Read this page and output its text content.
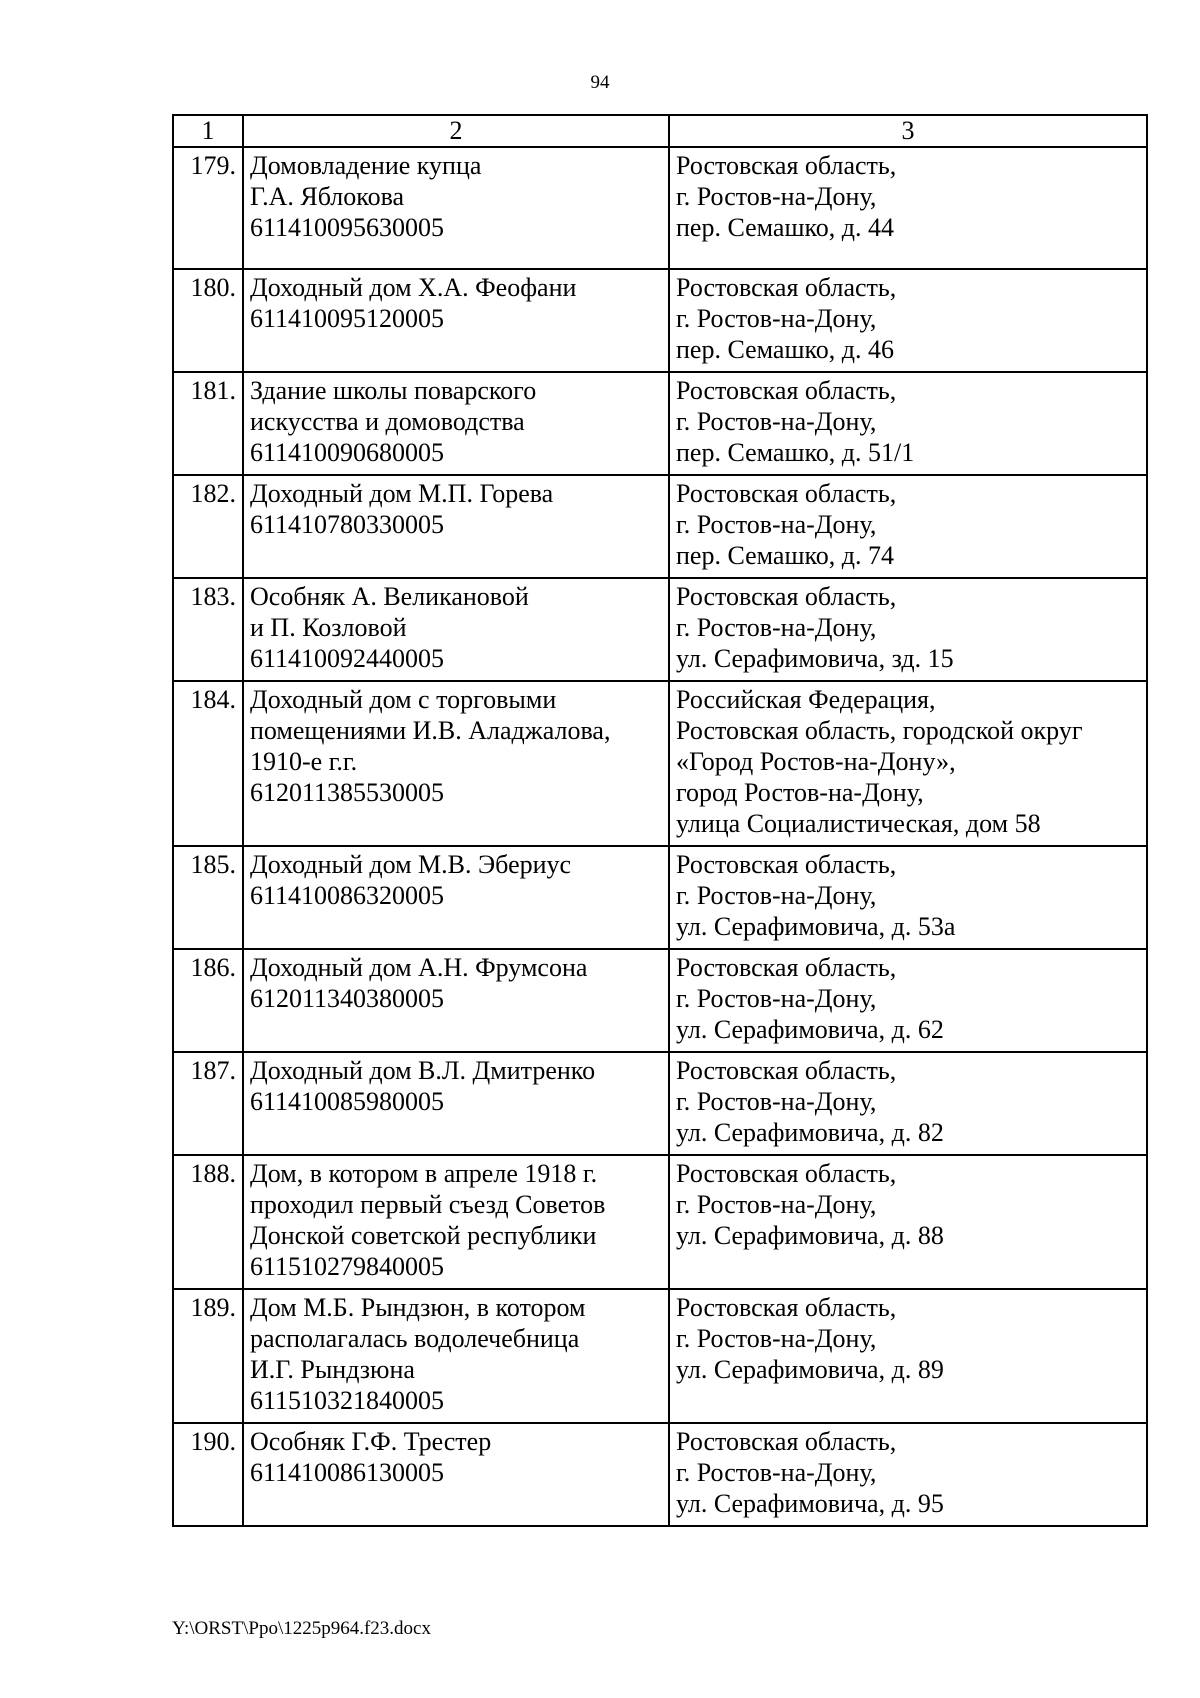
94
1	2	3
179.	Домовладение купца
Г.А. Яблокова
611410095630005	Ростовская область,
г. Ростов-на-Дону,
пер. Семашко, д. 44
180.	Доходный дом Х.А. Феофани
611410095120005	Ростовская область,
г. Ростов-на-Дону,
пер. Семашко, д. 46
181.	Здание школы поварского
искусства и домоводства
611410090680005	Ростовская область,
г. Ростов-на-Дону,
пер. Семашко, д. 51/1
182.	Доходный дом М.П. Горева
611410780330005	Ростовская область,
г. Ростов-на-Дону,
пер. Семашко, д. 74
183.	Особняк А. Великановой
и П. Козловой
611410092440005	Ростовская область,
г. Ростов-на-Дону,
ул. Серафимовича, зд. 15
184.	Доходный дом с торговыми
помещениями И.В. Аладжалова,
1910-е г.г.
612011385530005	Российская Федерация,
Ростовская область, городской округ
«Город Ростов-на-Дону»,
город Ростов-на-Дону,
улица Социалистическая, дом 58
185.	Доходный дом М.В. Эбериус
611410086320005	Ростовская область,
г. Ростов-на-Дону,
ул. Серафимовича, д. 53а
186.	Доходный дом А.Н. Фрумсона
612011340380005	Ростовская область,
г. Ростов-на-Дону,
ул. Серафимовича, д. 62
187.	Доходный дом В.Л. Дмитренко
611410085980005	Ростовская область,
г. Ростов-на-Дону,
ул. Серафимовича, д. 82
188.	Дом, в котором в апреле 1918 г.
проходил первый съезд Советов
Донской советской республики
611510279840005	Ростовская область,
г. Ростов-на-Дону,
ул. Серафимовича, д. 88
189.	Дом М.Б. Рындзюн, в котором
располагалась водолечебница
И.Г. Рындзюна
611510321840005	Ростовская область,
г. Ростов-на-Дону,
ул. Серафимовича, д. 89
190.	Особняк Г.Ф. Трестер
611410086130005	Ростовская область,
г. Ростов-на-Дону,
ул. Серафимовича, д. 95
Y:\ORST\Ppo\1225p964.f23.docx
